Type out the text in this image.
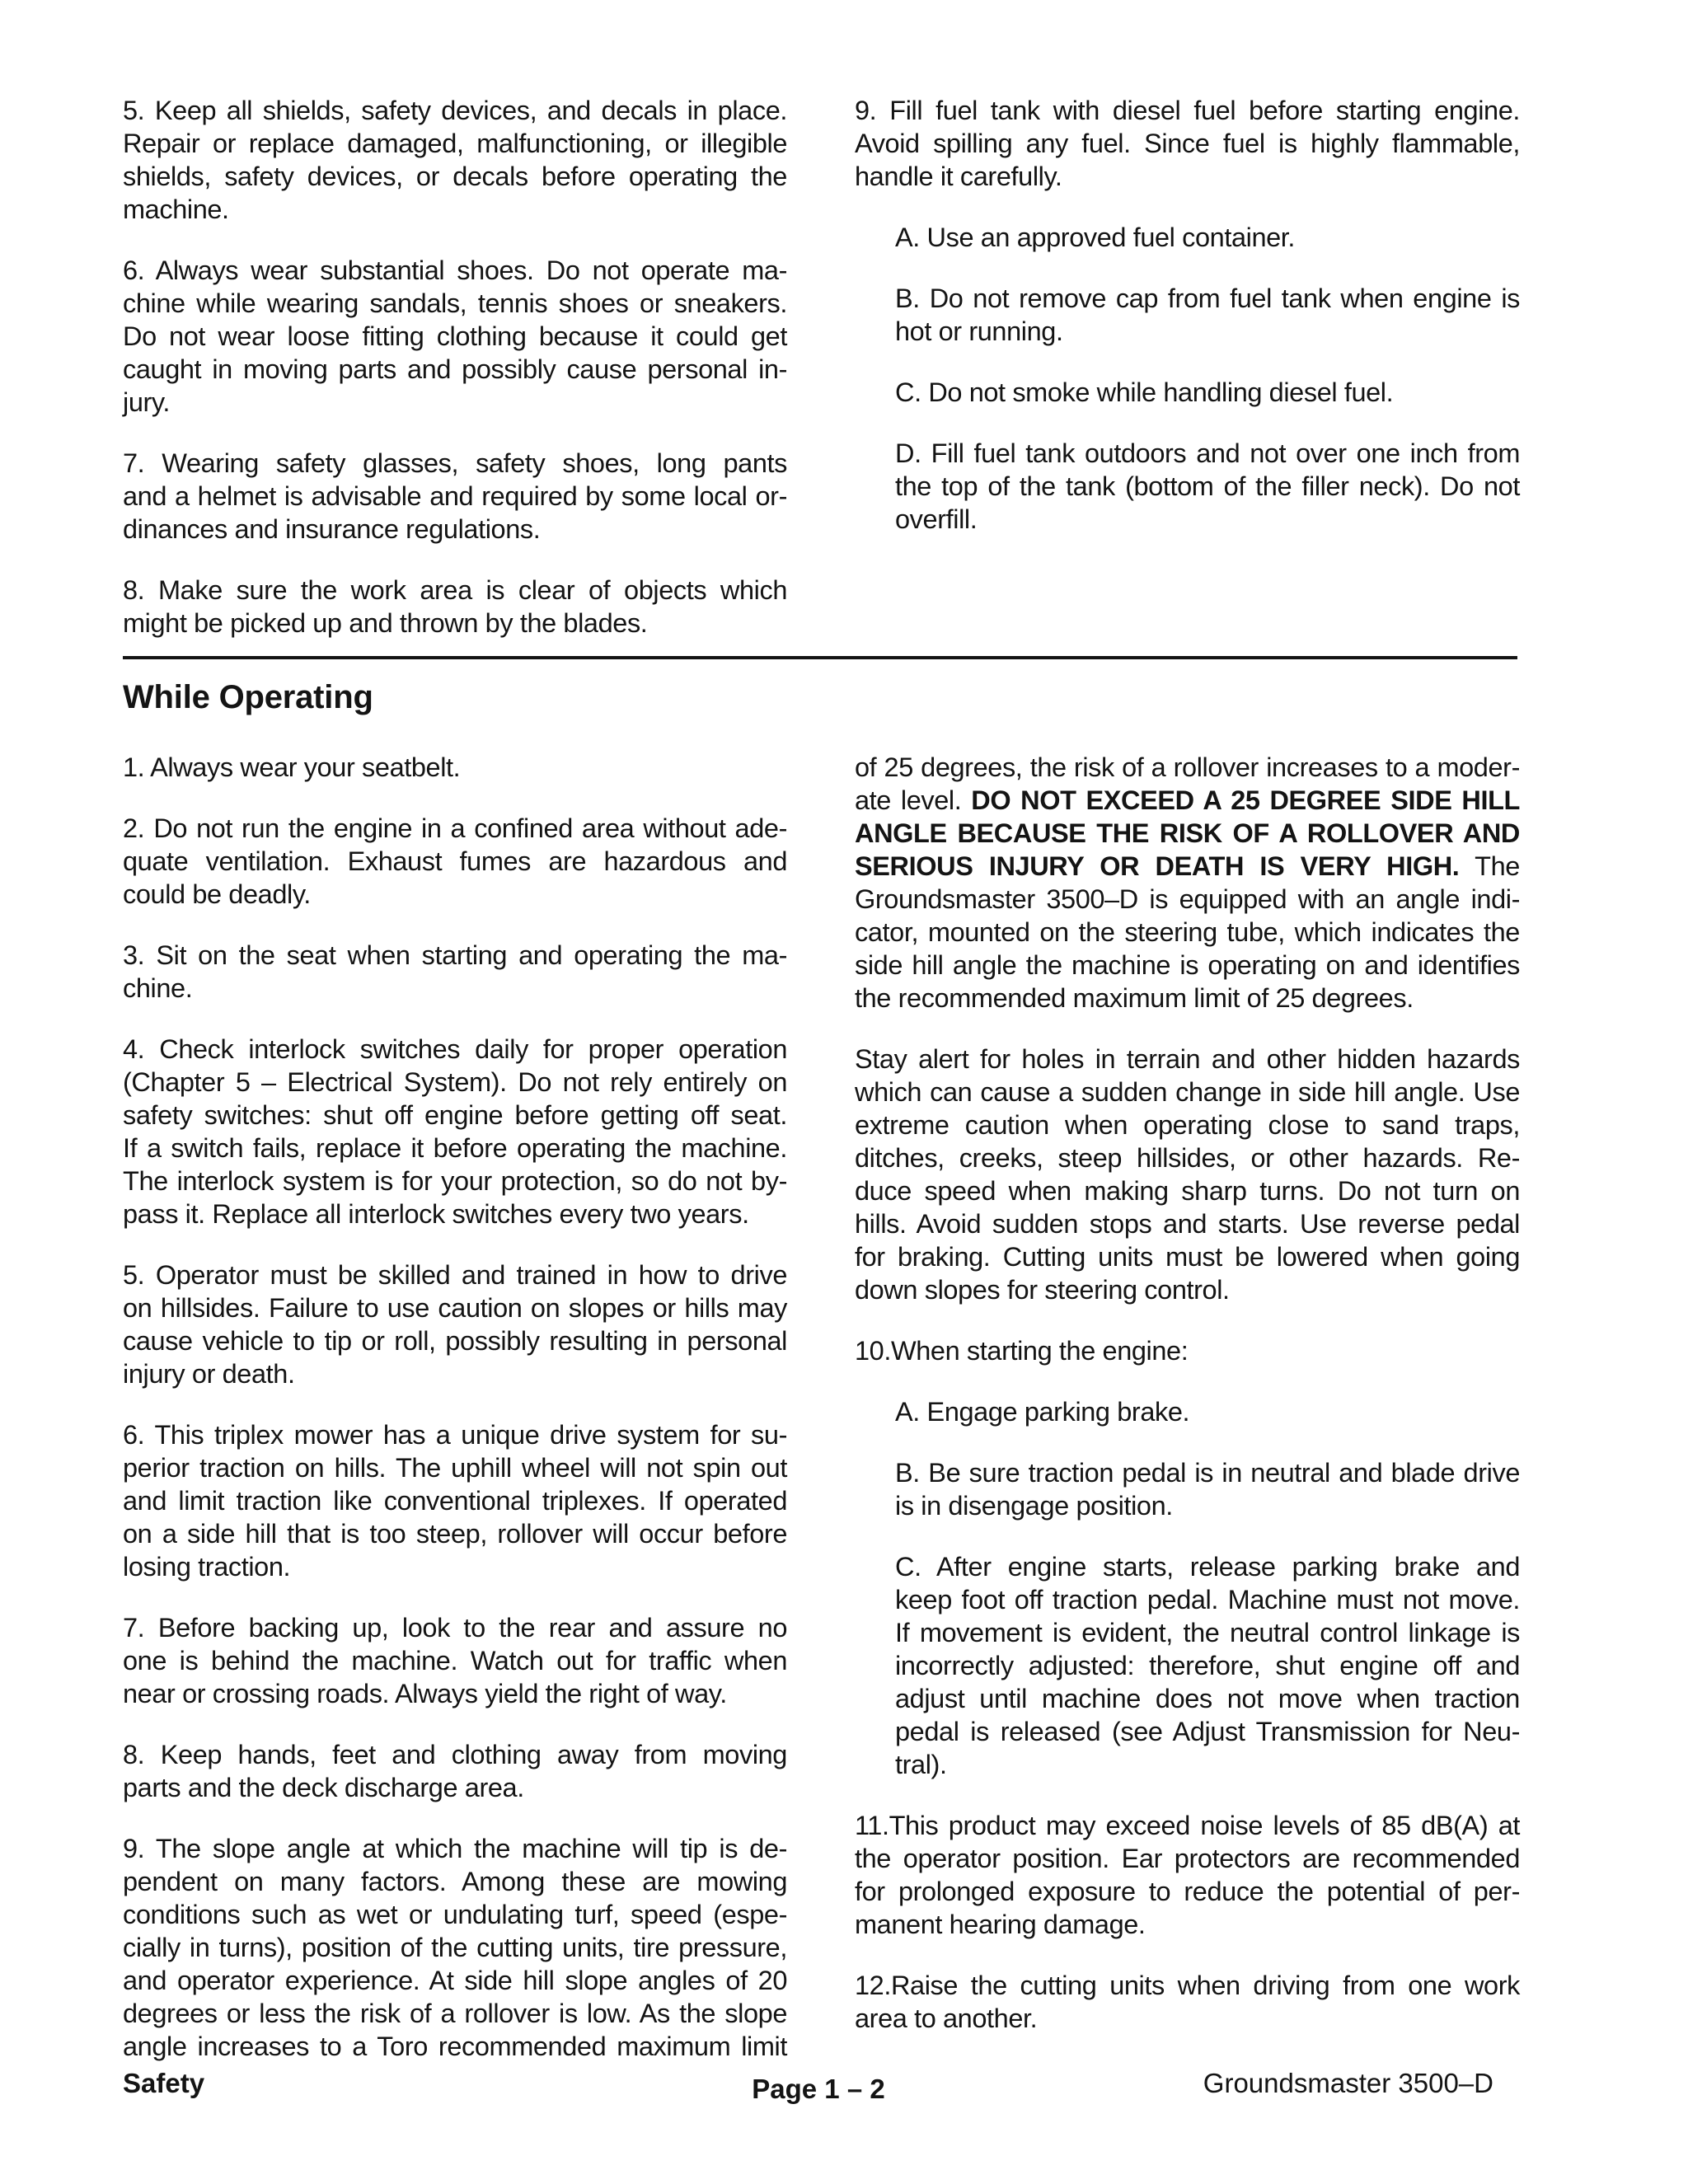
5. Keep all shields, safety devices, and decals in place.
Repair or replace damaged, malfunctioning, or illegible
shields, safety devices, or decals before operating the
machine.
6. Always wear substantial shoes. Do not operate ma-
chine while wearing sandals, tennis shoes or sneakers.
Do not wear loose fitting clothing because it could get
caught in moving parts and possibly cause personal in-
jury.
7. Wearing safety glasses, safety shoes, long pants
and a helmet is advisable and required by some local or-
dinances and insurance regulations.
8. Make sure the work area is clear of objects which
might be picked up and thrown by the blades.
9. Fill fuel tank with diesel fuel before starting engine.
Avoid spilling any fuel. Since fuel is highly flammable,
handle it carefully.
A. Use an approved fuel container.
B. Do not remove cap from fuel tank when engine is
hot or running.
C. Do not smoke while handling diesel fuel.
D. Fill fuel tank outdoors and not over one inch from
the top of the tank (bottom of the filler neck). Do not
overfill.
While Operating
1. Always wear your seatbelt.
2. Do not run the engine in a confined area without ade-
quate ventilation. Exhaust fumes are hazardous and
could be deadly.
3. Sit on the seat when starting and operating the ma-
chine.
4. Check interlock switches daily for proper operation
(Chapter 5 – Electrical System). Do not rely entirely on
safety switches: shut off engine before getting off seat.
If a switch fails, replace it before operating the machine.
The interlock system is for your protection, so do not by-
pass it. Replace all interlock switches every two years.
5. Operator must be skilled and trained in how to drive
on hillsides. Failure to use caution on slopes or hills may
cause vehicle to tip or roll, possibly resulting in personal
injury or death.
6. This triplex mower has a unique drive system for su-
perior traction on hills. The uphill wheel will not spin out
and limit traction like conventional triplexes. If operated
on a side hill that is too steep, rollover will occur before
losing traction.
7. Before backing up, look to the rear and assure no
one is behind the machine. Watch out for traffic when
near or crossing roads. Always yield the right of way.
8. Keep hands, feet and clothing away from moving
parts and the deck discharge area.
9. The slope angle at which the machine will tip is de-
pendent on many factors. Among these are mowing
conditions such as wet or undulating turf, speed (espe-
cially in turns), position of the cutting units, tire pressure,
and operator experience. At side hill slope angles of 20
degrees or less the risk of a rollover is low. As the slope
angle increases to a Toro recommended maximum limit
of 25 degrees, the risk of a rollover increases to a moder-
ate level. DO NOT EXCEED A 25 DEGREE SIDE HILL
ANGLE BECAUSE THE RISK OF A ROLLOVER AND
SERIOUS INJURY OR DEATH IS VERY HIGH. The
Groundsmaster 3500–D is equipped with an angle indi-
cator, mounted on the steering tube, which indicates the
side hill angle the machine is operating on and identifies
the recommended maximum limit of 25 degrees.
Stay alert for holes in terrain and other hidden hazards
which can cause a sudden change in side hill angle. Use
extreme caution when operating close to sand traps,
ditches, creeks, steep hillsides, or other hazards. Re-
duce speed when making sharp turns. Do not turn on
hills. Avoid sudden stops and starts. Use reverse pedal
for braking. Cutting units must be lowered when going
down slopes for steering control.
10.When starting the engine:
A. Engage parking brake.
B. Be sure traction pedal is in neutral and blade drive
is in disengage position.
C. After engine starts, release parking brake and
keep foot off traction pedal. Machine must not move.
If movement is evident, the neutral control linkage is
incorrectly adjusted: therefore, shut engine off and
adjust until machine does not move when traction
pedal is released (see Adjust Transmission for Neu-
tral).
11.This product may exceed noise levels of 85 dB(A) at
the operator position. Ear protectors are recommended
for prolonged exposure to reduce the potential of per-
manent hearing damage.
12.Raise the cutting units when driving from one work
area to another.
Safety	Page 1 – 2	Groundsmaster 3500–D
